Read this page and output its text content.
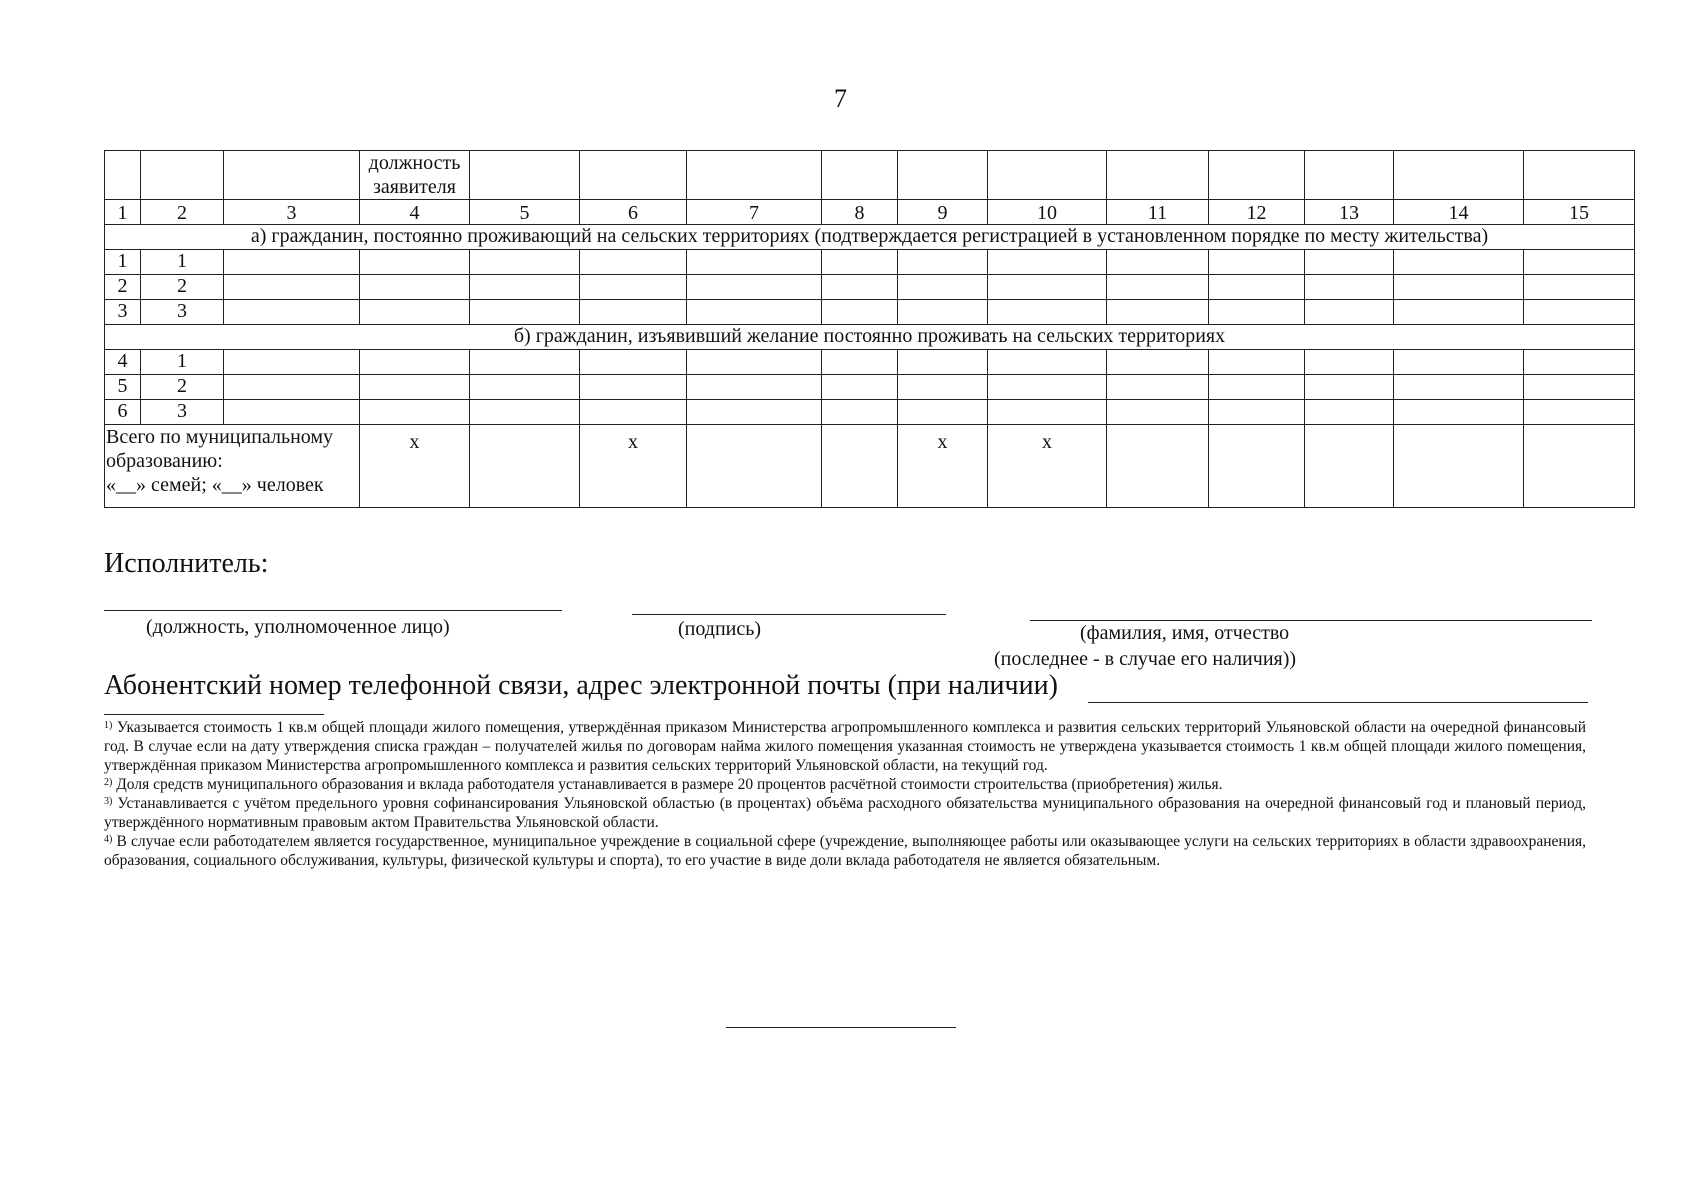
7
			должность заявителя											
1	2	3	4	5	6	7	8	9	10	11	12	13	14	15
а) гражданин, постоянно проживающий на сельских территориях (подтверждается регистрацией в установленном порядке по месту жительства)														
1	1													
2	2													
3	3													
б) гражданин, изъявивший желание постоянно проживать на сельских территориях														
4	1													
5	2													
6	3													

Всего по муниципальному
образованию:
«__» семей; «__» человек			x		x			x	x					
Исполнитель:
(должность, уполномоченное лицо)	(подпись)	(фамилия, имя, отчество
(последнее - в случае его наличия))
Абонентский номер телефонной связи, адрес электронной почты (при наличии)

$^{1)}$ Указывается стоимость 1 кв.м общей площади жилого помещения, утверждённая приказом Министерства агропромышленного комплекса и развития сельских территорий Ульяновской области на очередной финансовый год. В случае если на дату утверждения списка граждан – получателей жилья по договорам найма жилого помещения указанная стоимость не утверждена указывается стоимость 1 кв.м общей площади жилого помещения, утверждённая приказом Министерства агропромышленного комплекса и развития сельских территорий Ульяновской области, на текущий год.

$^{2)}$ Доля средств муниципального образования и вклада работодателя устанавливается в размере 20 процентов расчётной стоимости строительства (приобретения) жилья.

$^{3)}$ Устанавливается с учётом предельного уровня софинансирования Ульяновской областью (в процентах) объёма расходного обязательства муниципального образования на очередной финансовый год и плановый период, утверждённого нормативным правовым актом Правительства Ульяновской области.

$^{4)}$ В случае если работодателем является государственное, муниципальное учреждение в социальной сфере (учреждение, выполняющее работы или оказывающее услуги на сельских территориях в области здравоохранения, образования, социального обслуживания, культуры, физической культуры и спорта), то его участие в виде доли вклада работодателя не является обязательным.
